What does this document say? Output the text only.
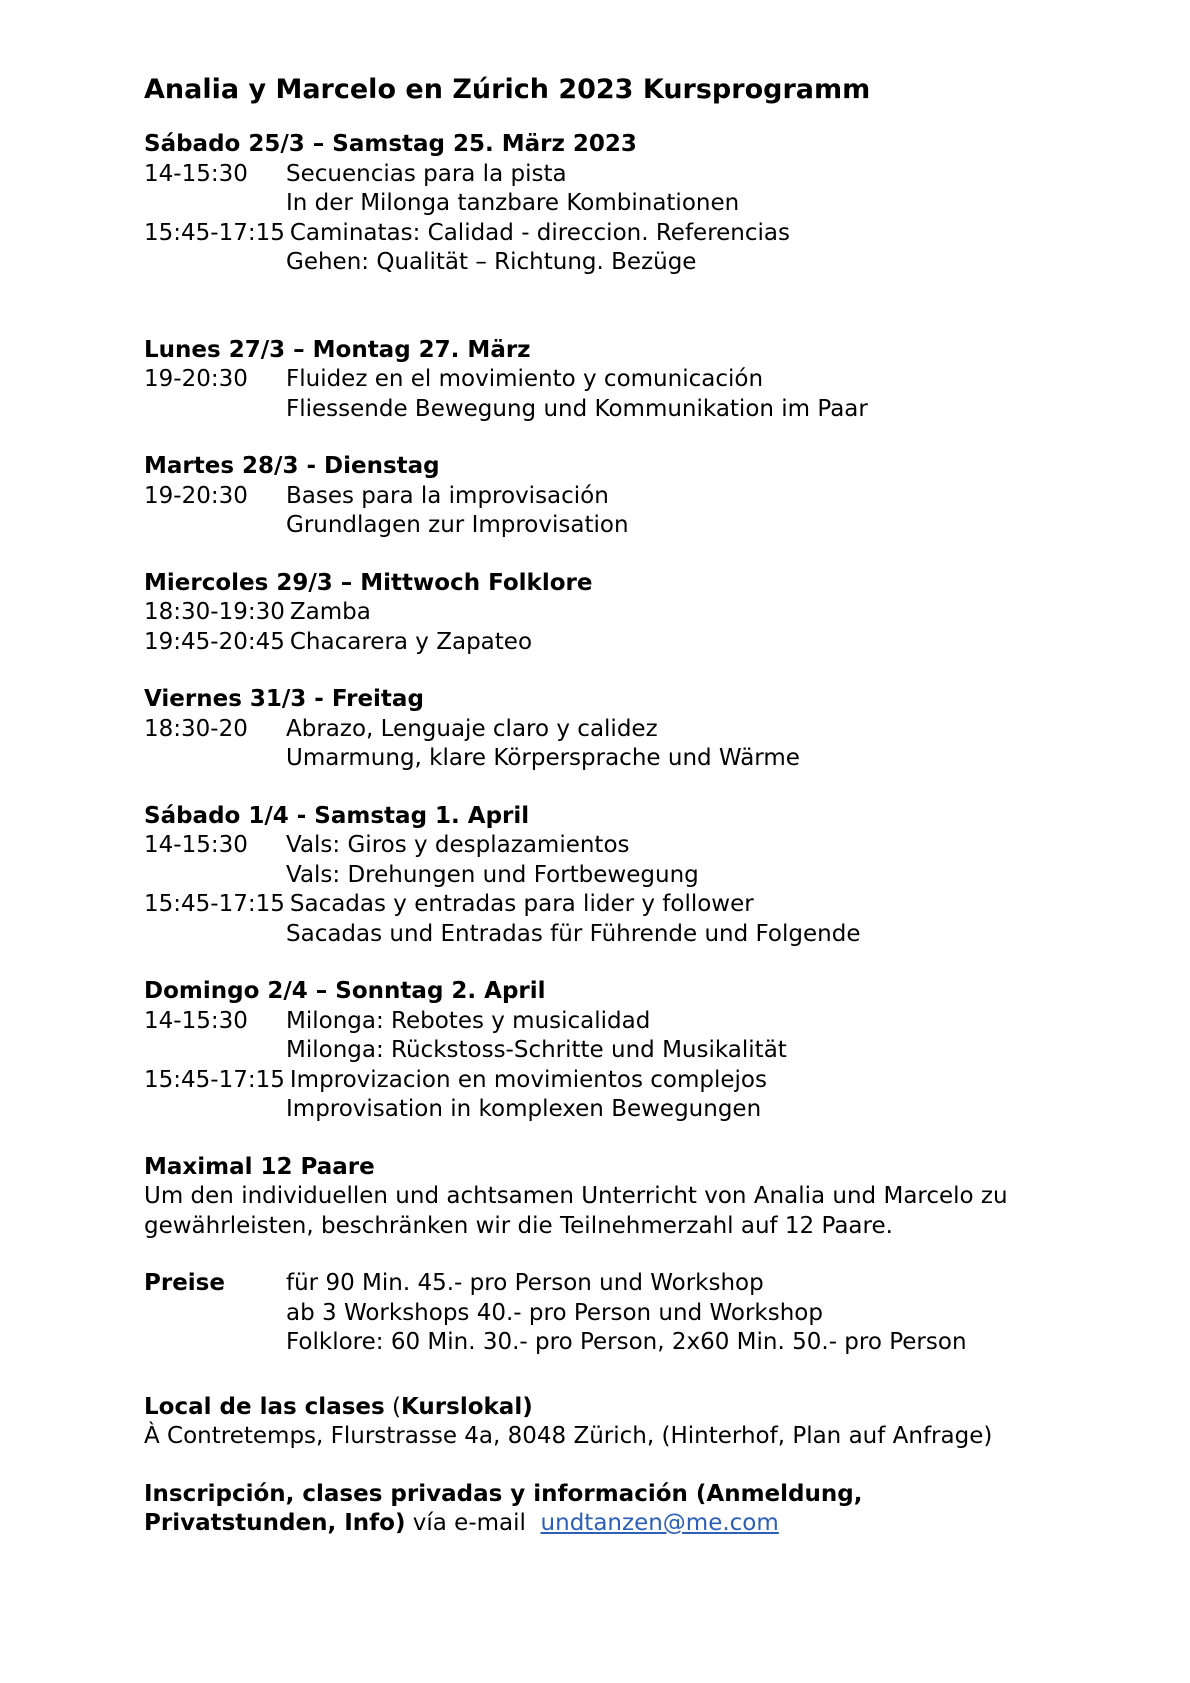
Analia y Marcelo en Zúrich 2023 Kursprogramm
Sábado 25/3 – Samstag 25. März 2023
14-15:30	Secuencias para la pista
In der Milonga tanzbare Kombinationen
15:45-17:15 Caminatas: Calidad - direccion. Referencias
Gehen: Qualität – Richtung. Bezüge
Lunes 27/3 – Montag 27. März
19-20:30	Fluidez en el movimiento y comunicación
Fliessende Bewegung und Kommunikation im Paar
Martes 28/3 - Dienstag
19-20:30	Bases para la improvisación
Grundlagen zur Improvisation
Miercoles 29/3 – Mittwoch Folklore
18:30-19:30 Zamba
19:45-20:45 Chacarera y Zapateo
Viernes 31/3 - Freitag
18:30-20	Abrazo, Lenguaje claro y calidez
Umarmung, klare Körpersprache und Wärme
Sábado 1/4 - Samstag 1. April
14-15:30	Vals: Giros y desplazamientos
Vals: Drehungen und Fortbewegung
15:45-17:15 Sacadas y entradas para lider y follower
Sacadas und Entradas für Führende und Folgende
Domingo 2/4 – Sonntag 2. April
14-15:30	Milonga: Rebotes y musicalidad
Milonga: Rückstoss-Schritte und Musikalität
15:45-17:15 Improvizacion en movimientos complejos
Improvisation in komplexen Bewegungen
Maximal 12 Paare
Um den individuellen und achtsamen Unterricht von Analia und Marcelo zu
gewährleisten, beschränken wir die Teilnehmerzahl auf 12 Paare.
Preise	für 90 Min. 45.- pro Person und Workshop
ab 3 Workshops 40.- pro Person und Workshop
Folklore: 60 Min. 30.- pro Person, 2x60 Min. 50.- pro Person
Local de las clases (Kurslokal)
À Contretemps, Flurstrasse 4a, 8048 Zürich, (Hinterhof, Plan auf Anfrage)
Inscripción, clases privadas y información (Anmeldung,
Privatstunden, Info) vía e-mail  undtanzen@me.com
